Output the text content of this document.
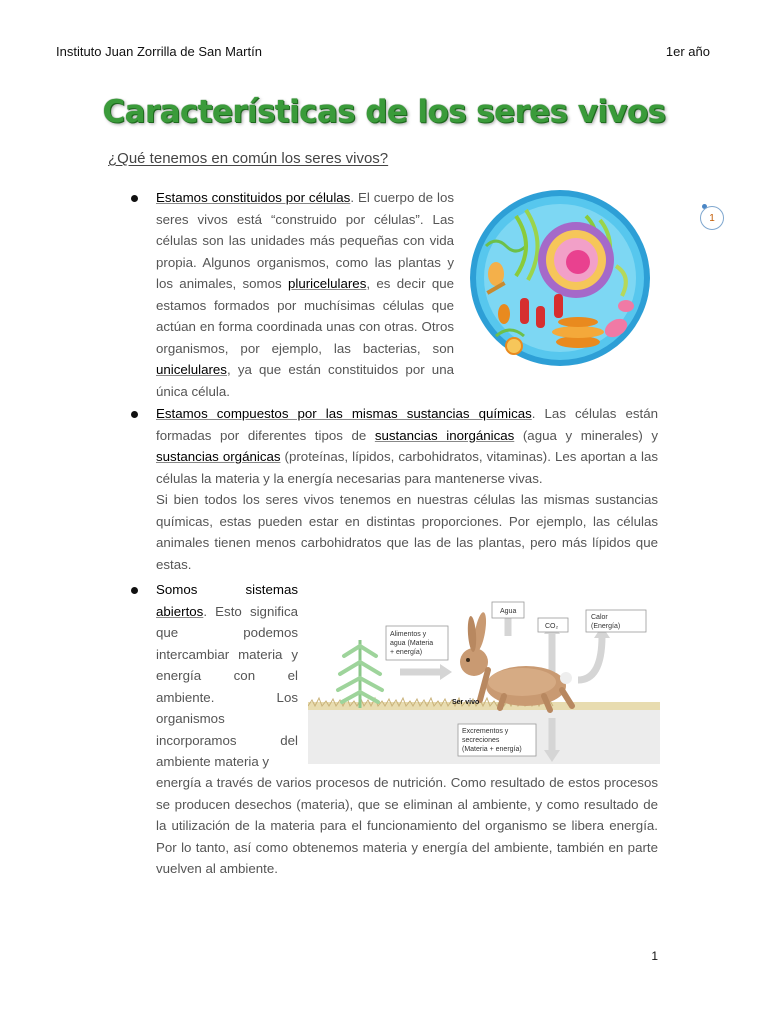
Instituto Juan Zorrilla de San Martín	1er año
Características de los seres vivos
¿Qué tenemos en común los seres vivos?

Estamos constituidos por células. El cuerpo de los seres vivos está “construido por células”. Las células son las unidades más pequeñas con vida propia. Algunos organismos, como las plantas y los animales, somos pluricelulares, es decir que estamos formados por muchísimas células que actúan en forma coordinada unas con otras. Otros organismos, por ejemplo, las bacterias, son unicelulares, ya que están constituidos por una única célula.

1

Estamos compuestos por las mismas sustancias químicas. Las células están formadas por diferentes tipos de sustancias inorgánicas (agua y minerales) y sustancias orgánicas (proteínas, lípidos, carbohidratos, vitaminas). Les aportan a las células la materia y la energía necesarias para mantenerse vivas.
Si bien todos los seres vivos tenemos en nuestras células las mismas sustancias químicas, estas pueden estar en distintas proporciones. Por ejemplo, las células animales tienen menos carbohidratos que las de las plantas, pero más lípidos que estas.

Somos sistemas
abiertos. Esto significa que podemos intercambiar materia y energía con el ambiente. Los organismos incorporamos del ambiente materia y

Alimentos y
agua (Materia
+ energía)
Agua
CO₂
Calor
(Energía)
Ser vivo
Excrementos y
secreciones
(Materia + energía)

energía a través de varios procesos de nutrición. Como resultado de estos procesos se producen desechos (materia), que se eliminan al ambiente, y como resultado de la utilización de la materia para el funcionamiento del organismo se libera energía. Por lo tanto, así como obtenemos materia y energía del ambiente, también en parte vuelven al ambiente.

1
